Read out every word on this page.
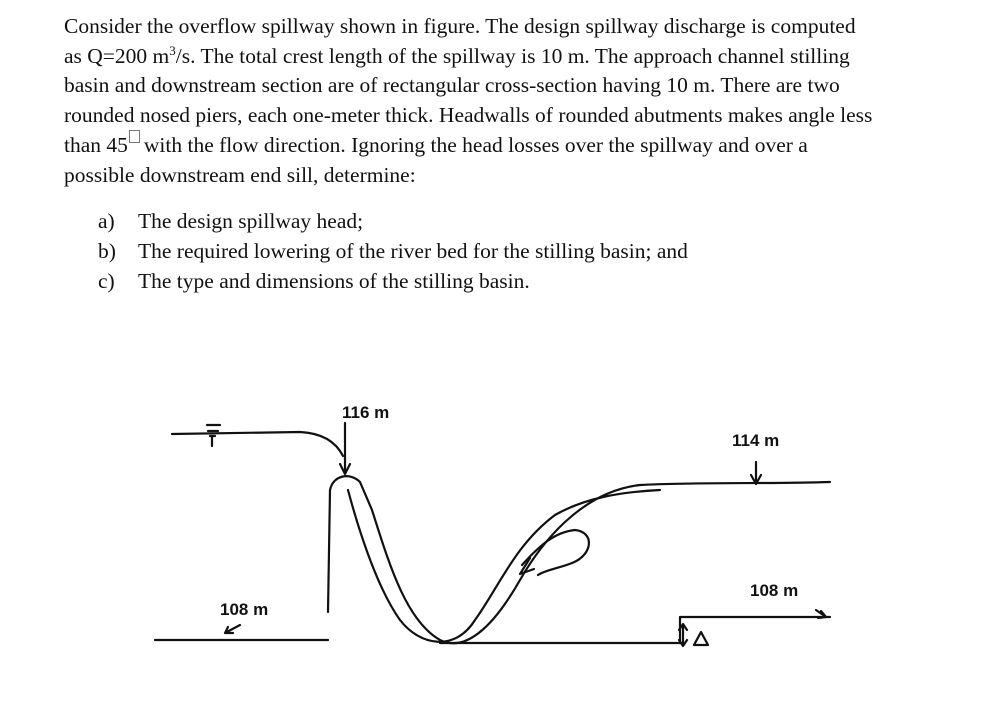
Consider the overflow spillway shown in figure. The design spillway discharge is computed

as Q=200 $m^3/s$. The total crest length of the spillway is 10 m. The approach channel stilling

basin and downstream section are of rectangular cross-section having 10 m. There are two

rounded nosed piers, each one-meter thick. Headwalls of rounded abutments makes angle less

than 45 with the flow direction. Ignoring the head losses over the spillway and over a

possible downstream end sill, determine:

a)	The design spillway head;
b)	The required lowering of the river bed for the stilling basin; and
c)	The type and dimensions of the stilling basin.
116 m
114 m
108 m
108 m
